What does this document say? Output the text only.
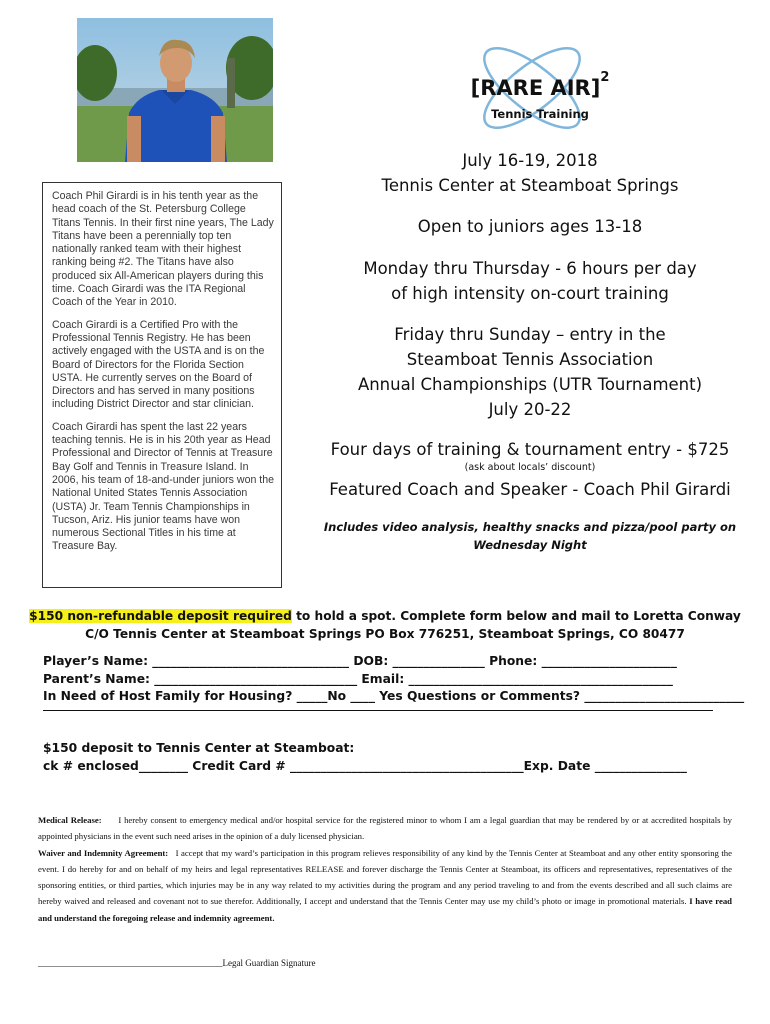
Coach Phil Girardi is in his tenth year as the head coach of the St. Petersburg College Titans Tennis. In their first nine years, The Lady Titans have been a perennially top ten nationally ranked team with their highest ranking being #2. The Titans have also produced six All-American players during this time. Coach Girardi was the ITA Regional Coach of the Year in 2010.

Coach Girardi is a Certified Pro with the Professional Tennis Registry. He has been actively engaged with the USTA and is on the Board of Directors for the Florida Section USTA. He currently serves on the Board of Directors and has served in many positions including District Director and star clinician.

Coach Girardi has spent the last 22 years teaching tennis. He is in his 20th year as Head Professional and Director of Tennis at Treasure Bay Golf and Tennis in Treasure Island. In 2006, his team of 18-and-under juniors won the National United States Tennis Association (USTA) Jr. Team Tennis Championships in Tucson, Ariz. His junior teams have won numerous Sectional Titles in his time at Treasure Bay.

[RARE AIR]$^2$
Tennis Training
July 16-19, 2018
Tennis Center at Steamboat Springs
Open to juniors ages 13-18
Monday thru Thursday - 6 hours per day
of high intensity on-court training
Friday thru Sunday – entry in the
Steamboat Tennis Association
Annual Championships (UTR Tournament)
July 20-22
Four days of training & tournament entry - $725
(ask about locals’ discount)
Featured Coach and Speaker - Coach Phil Girardi
Includes video analysis, healthy snacks and pizza/pool party on
Wednesday Night
$150 non-refundable deposit required to hold a spot. Complete form below and mail to Loretta Conway
C/O Tennis Center at Steamboat Springs PO Box 776251, Steamboat Springs, CO 80477
Player’s Name: ________________________________ DOB: _______________ Phone: ______________________
Parent’s Name: _________________________________ Email: ___________________________________________
In Need of Host Family for Housing? _____No ____ Yes Questions or Comments? __________________________
$150 deposit to Tennis Center at Steamboat:
ck # enclosed________ Credit Card # ______________________________________Exp. Date _______________
Medical Release: I hereby consent to emergency medical and/or hospital service for the registered minor to whom I am a legal guardian that may be rendered by or at accredited hospitals by appointed physicians in the event such need arises in the opinion of a duly licensed physician.
Waiver and Indemnity Agreement: I accept that my ward’s participation in this program relieves responsibility of any kind by the Tennis Center at Steamboat and any other entity sponsoring the event. I do hereby for and on behalf of my heirs and legal representatives RELEASE and forever discharge the Tennis Center at Steamboat, its officers and representatives, representatives of the sponsoring entities, or third parties, which injuries may be in any way related to my activities during the program and any period traveling to and from the events described and all such claims are hereby waived and released and covenant not to sue therefor. Additionally, I accept and understand that the Tennis Center may use my child’s photo or image in promotional materials. I have read and understand the foregoing release and indemnity agreement.
_________________________________________Legal Guardian Signature
